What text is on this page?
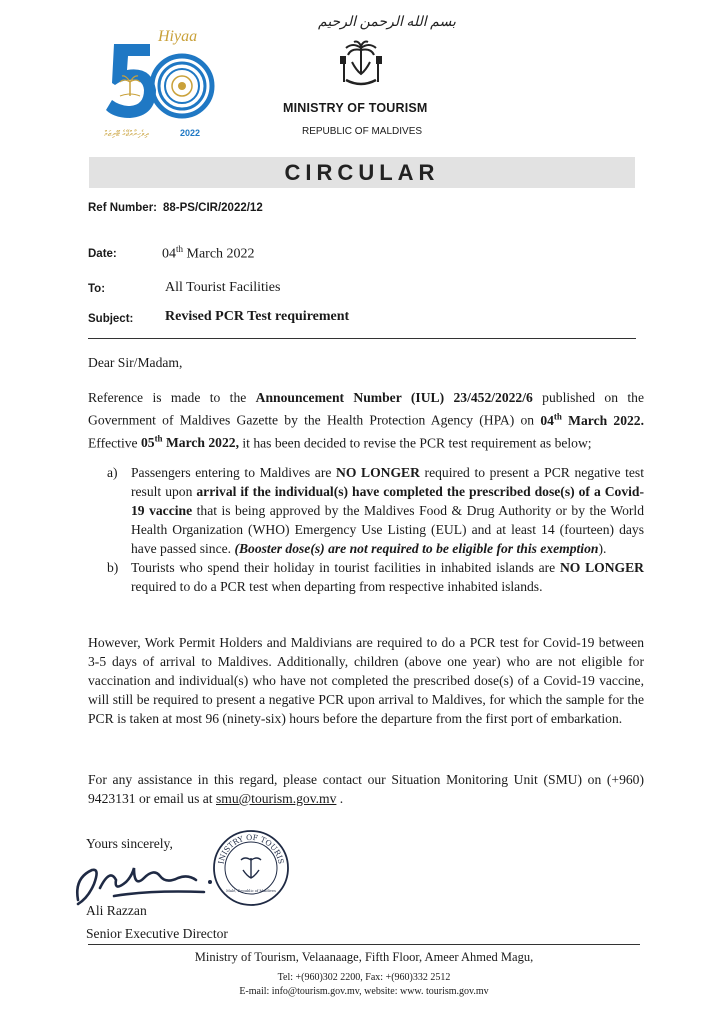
Hiyaa
ދިވެހިރާއްޖޭގެ ޓޫރިޒަމް	2022
بسم الله الرحمن الرحيم
MINISTRY OF TOURISM
REPUBLIC OF MALDIVES
CIRCULAR
Ref Number: 88-PS/CIR/2022/12
Date:	04th March 2022
To:	All Tourist Facilities
Subject: Revised PCR Test requirement
Dear Sir/Madam,
Reference is made to the Announcement Number (IUL) 23/452/2022/6 published on the Government of Maldives Gazette by the Health Protection Agency (HPA) on 04th March 2022. Effective 05th March 2022, it has been decided to revise the PCR test requirement as below;
a) Passengers entering to Maldives are NO LONGER required to present a PCR negative test result upon arrival if the individual(s) have completed the prescribed dose(s) of a Covid-19 vaccine that is being approved by the Maldives Food & Drug Authority or by the World Health Organization (WHO) Emergency Use Listing (EUL) and at least 14 (fourteen) days have passed since. (Booster dose(s) are not required to be eligible for this exemption).
b) Tourists who spend their holiday in tourist facilities in inhabited islands are NO LONGER required to do a PCR test when departing from respective inhabited islands.
However, Work Permit Holders and Maldivians are required to do a PCR test for Covid-19 between 3-5 days of arrival to Maldives. Additionally, children (above one year) who are not eligible for vaccination and individual(s) who have not completed the prescribed dose(s) of a Covid-19 vaccine, will still be required to present a negative PCR upon arrival to Maldives, for which the sample for the PCR is taken at most 96 (ninety-six) hours before the departure from the first port of embarkation.
For any assistance in this regard, please contact our Situation Monitoring Unit (SMU) on (+960) 9423131 or email us at smu@tourism.gov.mv .
Yours sincerely,
INISTRY OF TOURIS
Malé, Republic of Maldives
Ali Razzan
Senior Executive Director
Ministry of Tourism, Velaanaage, Fifth Floor, Ameer Ahmed Magu,
Tel: +(960)302 2200, Fax: +(960)332 2512
E-mail: info@tourism.gov.mv, website: www. tourism.gov.mv
